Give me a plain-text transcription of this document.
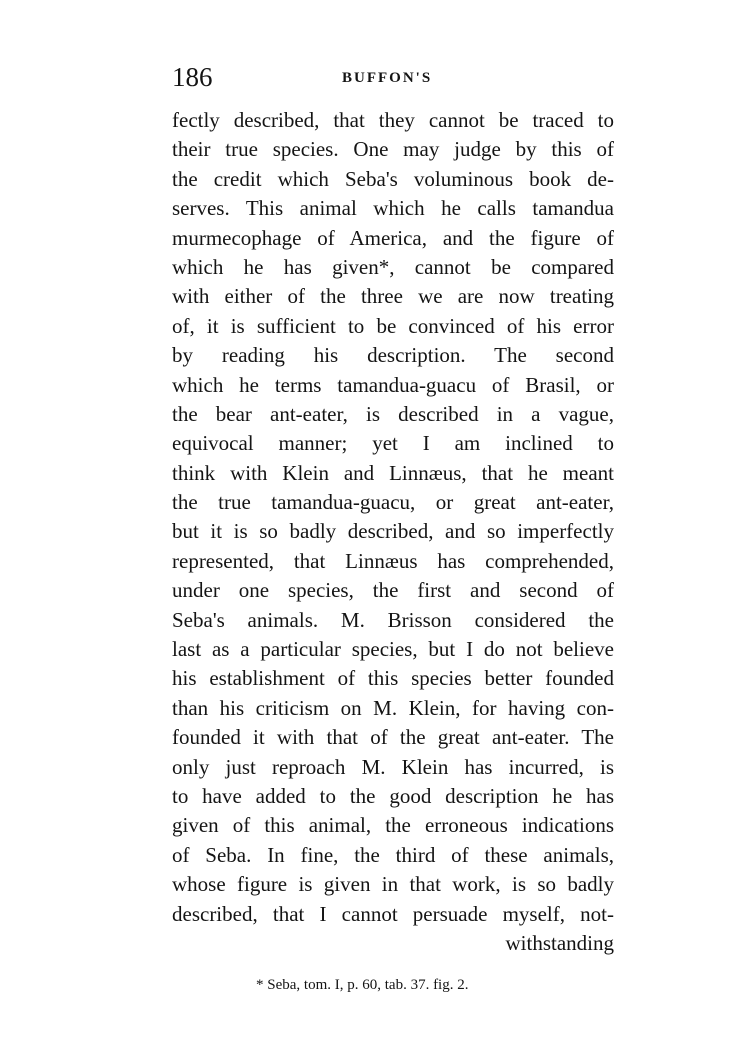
186	BUFFON'S
fectly described, that they cannot be traced to
their true species. One may judge by this of
the credit which Seba's voluminous book de-
serves. This animal which he calls tamandua
murmecophage of America, and the figure of
which he has given*, cannot be compared
with either of the three we are now treating
of, it is sufficient to be convinced of his error
by reading his description. The second
which he terms tamandua-guacu of Brasil, or
the bear ant-eater, is described in a vague,
equivocal manner; yet I am inclined to
think with Klein and Linnæus, that he meant
the true tamandua-guacu, or great ant-eater,
but it is so badly described, and so imperfectly
represented, that Linnæus has comprehended,
under one species, the first and second of
Seba's animals. M. Brisson considered the
last as a particular species, but I do not believe
his establishment of this species better founded
than his criticism on M. Klein, for having con-
founded it with that of the great ant-eater. The
only just reproach M. Klein has incurred, is
to have added to the good description he has
given of this animal, the erroneous indications
of Seba. In fine, the third of these animals,
whose figure is given in that work, is so badly
described, that I cannot persuade myself, not-
withstanding
* Seba, tom. I, p. 60, tab. 37. fig. 2.
